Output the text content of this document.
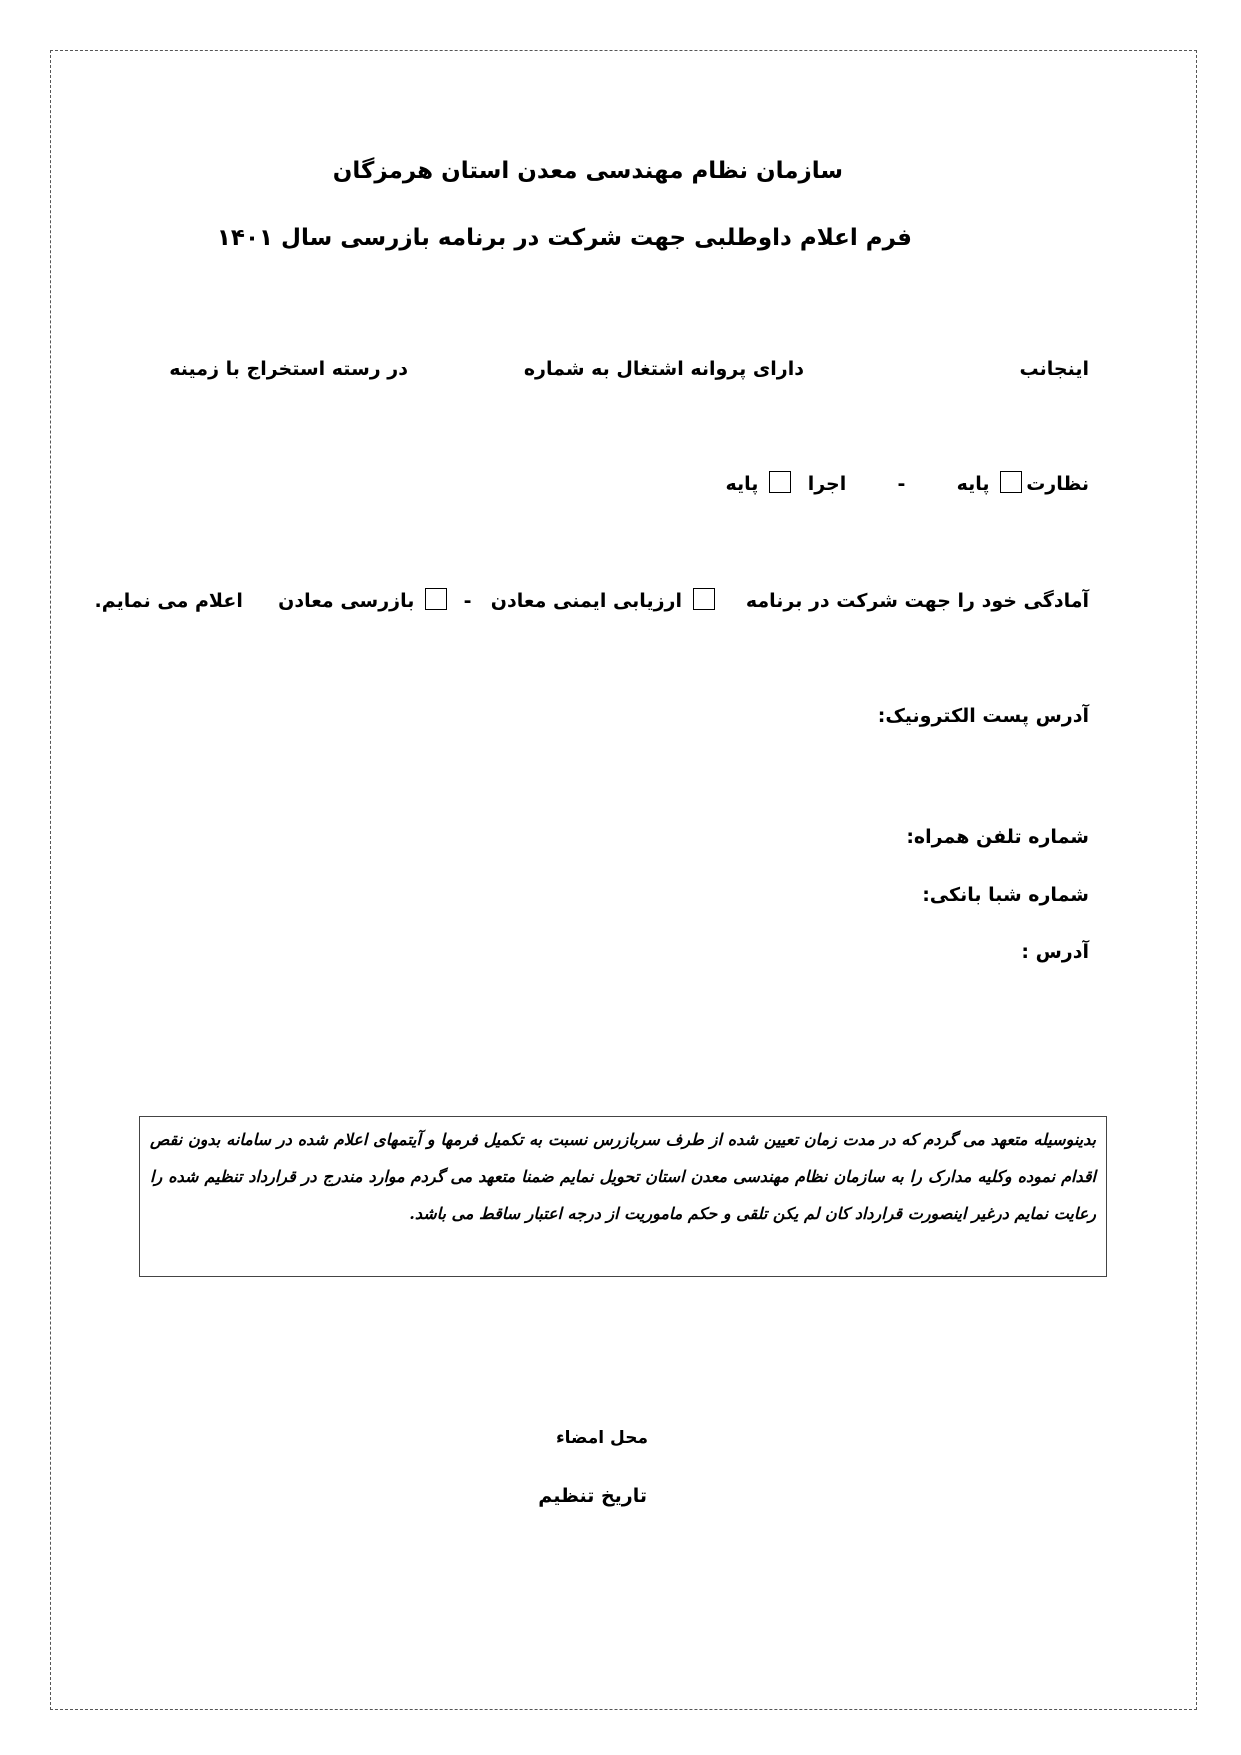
سازمان نظام مهندسی معدن استان هرمزگان
فرم اعلام داوطلبی جهت شرکت در برنامه بازرسی سال ۱۴۰۱
اینجانب
دارای پروانه اشتغال به شماره
در رسته استخراج با زمینه
نظارت پایه  -  اجرا  پایه
آمادگی خود را جهت شرکت در برنامه   ارزیابی ایمنی معادن  -  بازرسی معادن  اعلام می نمایم.
آدرس پست الکترونیک:
شماره تلفن همراه:
شماره شبا بانکی:
آدرس :
بدینوسیله متعهد می گردم که در مدت زمان تعیین شده از طرف سربازرس نسبت به تکمیل فرمها و آیتمهای اعلام شده در سامانه بدون نقص اقدام نموده وکلیه مدارک را به سازمان نظام مهندسی معدن استان تحویل نمایم ضمنا متعهد می گردم موارد مندرج در قرارداد تنظیم شده را رعایت نمایم درغیر اینصورت قرارداد کان لم یکن تلقی و حکم ماموریت از درجه اعتبار ساقط می باشد.
محل امضاء
تاریخ تنظیم
